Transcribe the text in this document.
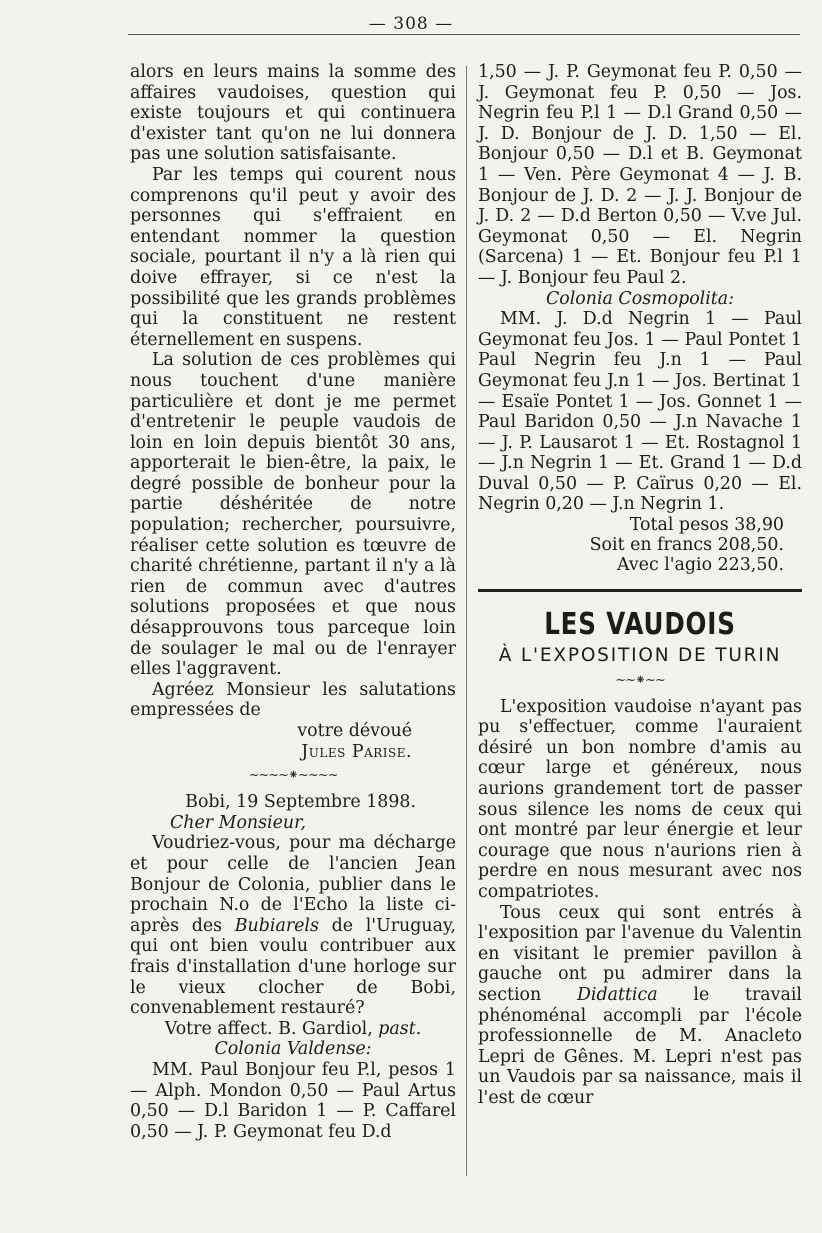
— 308 —

alors en leurs mains la somme des affaires vaudoises, question qui existe toujours et qui continuera d'exister tant qu'on ne lui donnera pas une solution satisfaisante.

Par les temps qui courent nous comprenons qu'il peut y avoir des personnes qui s'effraient en entendant nommer la question sociale, pourtant il n'y a là rien qui doive effrayer, si ce n'est la possibilité que les grands problèmes qui la constituent ne restent éternellement en suspens.

La solution de ces problèmes qui nous touchent d'une manière particulière et dont je me permet d'entretenir le peuple vaudois de loin en loin depuis bientôt 30 ans, apporterait le bien-être, la paix, le degré possible de bonheur pour la partie déshéritée de notre population; rechercher, poursuivre, réaliser cette solution es tœuvre de charité chrétienne, partant il n'y a là rien de commun avec d'autres solutions proposées et que nous désapprouvons tous parceque loin de soulager le mal ou de l'enrayer elles l'aggravent.

Agréez Monsieur les salutations empressées de

votre dévoué

Jules Parise.

~~~~⁕~~~~

Bobi, 19 Septembre 1898.

Cher Monsieur,

Voudriez-vous, pour ma décharge et pour celle de l'ancien Jean Bonjour de Colonia, publier dans le prochain N.o de l'Echo la liste ci-après des Bubiarels de l'Uruguay, qui ont bien voulu contribuer aux frais d'installation d'une horloge sur le vieux clocher de Bobi, convenablement restauré?

Votre affect. B. Gardiol, past.

Colonia Valdense:

MM. Paul Bonjour feu P.l, pesos 1 — Alph. Mondon 0,50 — Paul Artus 0,50 — D.l Baridon 1 — P. Caffarel 0,50 — J. P. Geymonat feu D.d

1,50 — J. P. Geymonat feu P. 0,50 — J. Geymonat feu P. 0,50 — Jos. Negrin feu P.l 1 — D.l Grand 0,50 — J. D. Bonjour de J. D. 1,50 — El. Bonjour 0,50 — D.l et B. Geymonat 1 — Ven. Père Geymonat 4 — J. B. Bonjour de J. D. 2 — J. J. Bonjour de J. D. 2 — D.d Berton 0,50 — V.ve Jul. Geymonat 0,50 — El. Negrin (Sarcena) 1 — Et. Bonjour feu P.l 1 — J. Bonjour feu Paul 2.

Colonia Cosmopolita:

MM. J. D.d Negrin 1 — Paul Geymonat feu Jos. 1 — Paul Pontet 1 Paul Negrin feu J.n 1 — Paul Geymonat feu J.n 1 — Jos. Bertinat 1 — Esaïe Pontet 1 — Jos. Gonnet 1 — Paul Baridon 0,50 — J.n Navache 1 — J. P. Lausarot 1 — Et. Rostagnol 1 — J.n Negrin 1 — Et. Grand 1 — D.d Duval 0,50 — P. Caïrus 0,20 — El. Negrin 0,20 — J.n Negrin 1.

Total pesos 38,90

Soit en francs 208,50.

Avec l'agio 223,50.

LES VAUDOIS
À L'EXPOSITION DE TURIN
~~⁕~~

L'exposition vaudoise n'ayant pas pu s'effectuer, comme l'auraient désiré un bon nombre d'amis au cœur large et généreux, nous aurions grandement tort de passer sous silence les noms de ceux qui ont montré par leur énergie et leur courage que nous n'aurions rien à perdre en nous mesurant avec nos compatriotes.

Tous ceux qui sont entrés à l'exposition par l'avenue du Valentin en visitant le premier pavillon à gauche ont pu admirer dans la section Didattica le travail phénoménal accompli par l'école professionnelle de M. Anacleto Lepri de Gênes. M. Lepri n'est pas un Vaudois par sa naissance, mais il l'est de cœur
